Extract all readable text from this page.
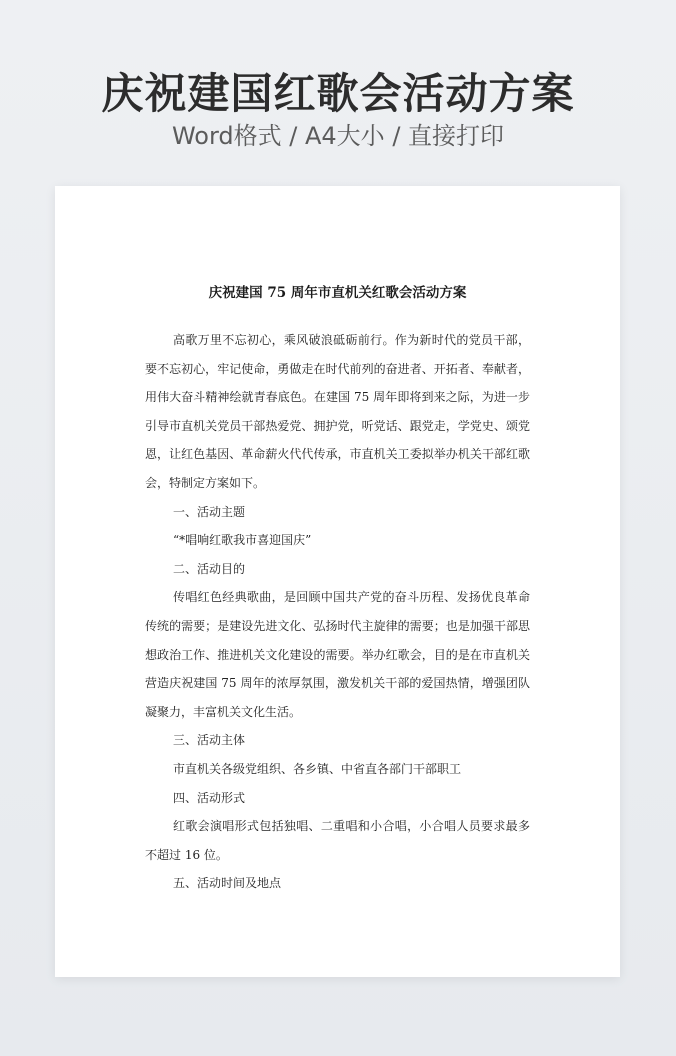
庆祝建国红歌会活动方案
Word格式 / A4大小 / 直接打印
庆祝建国 75 周年市直机关红歌会活动方案

高歌万里不忘初心，乘风破浪砥砺前行。作为新时代的党员干部，要不忘初心，牢记使命，勇做走在时代前列的奋进者、开拓者、奉献者，用伟大奋斗精神绘就青春底色。在建国 75 周年即将到来之际，为进一步引导市直机关党员干部热爱党、拥护党，听党话、跟党走，学党史、颂党恩，让红色基因、革命薪火代代传承，市直机关工委拟举办机关干部红歌会，特制定方案如下。

一、活动主题

“*唱响红歌我市喜迎国庆”

二、活动目的

传唱红色经典歌曲，是回顾中国共产党的奋斗历程、发扬优良革命传统的需要；是建设先进文化、弘扬时代主旋律的需要；也是加强干部思想政治工作、推进机关文化建设的需要。举办红歌会，目的是在市直机关营造庆祝建国 75 周年的浓厚氛围，激发机关干部的爱国热情，增强团队凝聚力，丰富机关文化生活。

三、活动主体

市直机关各级党组织、各乡镇、中省直各部门干部职工

四、活动形式

红歌会演唱形式包括独唱、二重唱和小合唱，小合唱人员要求最多不超过 16 位。

五、活动时间及地点
